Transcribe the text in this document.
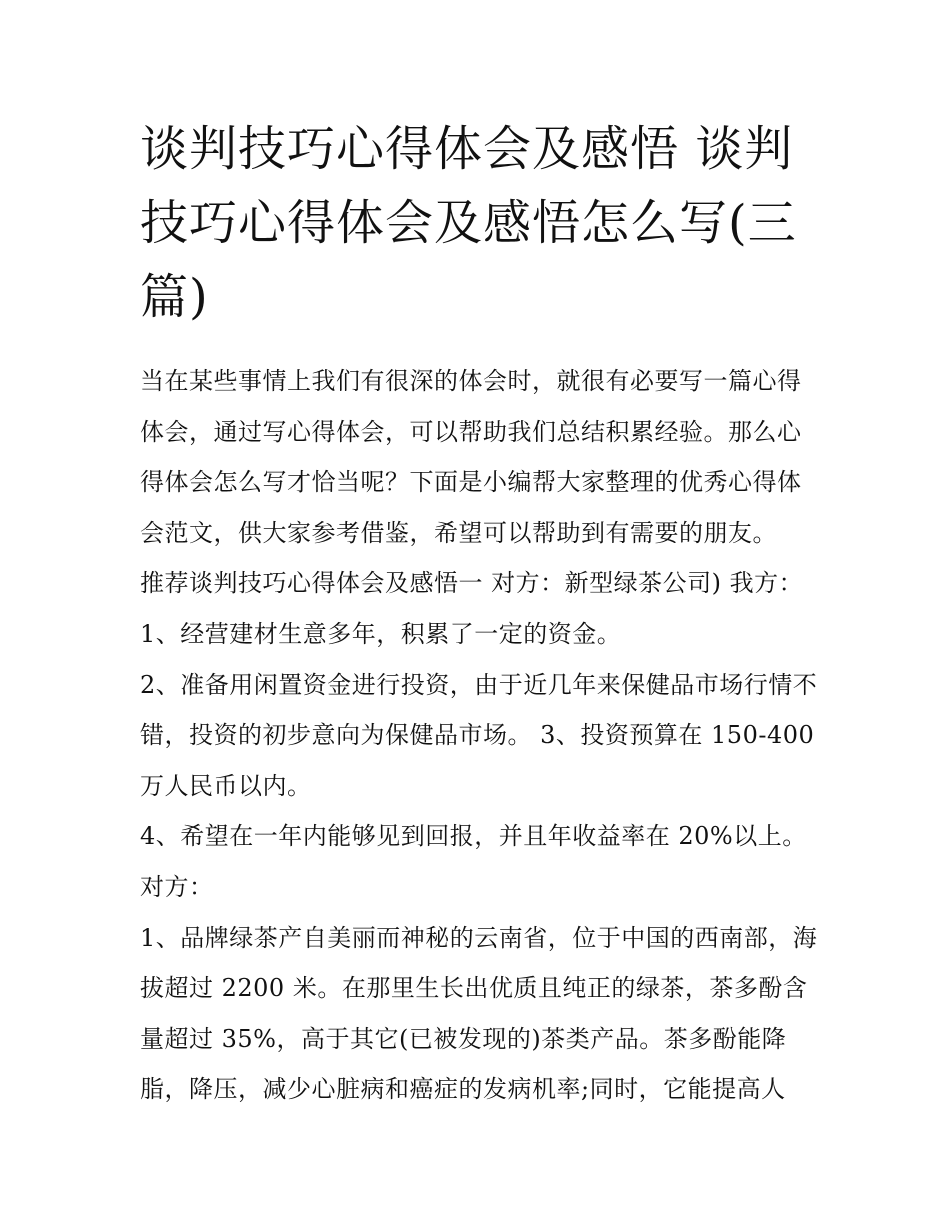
谈判技巧心得体会及感悟 谈判技巧心得体会及感悟怎么写(三篇)

当在某些事情上我们有很深的体会时，就很有必要写一篇心得体会，通过写心得体会，可以帮助我们总结积累经验。那么心得体会怎么写才恰当呢？下面是小编帮大家整理的优秀心得体会范文，供大家参考借鉴，希望可以帮助到有需要的朋友。

推荐谈判技巧心得体会及感悟一 对方：新型绿茶公司) 我方：

1、经营建材生意多年，积累了一定的资金。

2、准备用闲置资金进行投资，由于近几年来保健品市场行情不错，投资的初步意向为保健品市场。 3、投资预算在 150-400 万人民币以内。

4、希望在一年内能够见到回报，并且年收益率在 20%以上。

对方：

1、品牌绿茶产自美丽而神秘的云南省，位于中国的西南部，海拔超过 2200 米。在那里生长出优质且纯正的绿茶，茶多酚含量超过 35%，高于其它(已被发现的)茶类产品。茶多酚能降脂，降压，减少心脏病和癌症的发病机率;同时，它能提高人
